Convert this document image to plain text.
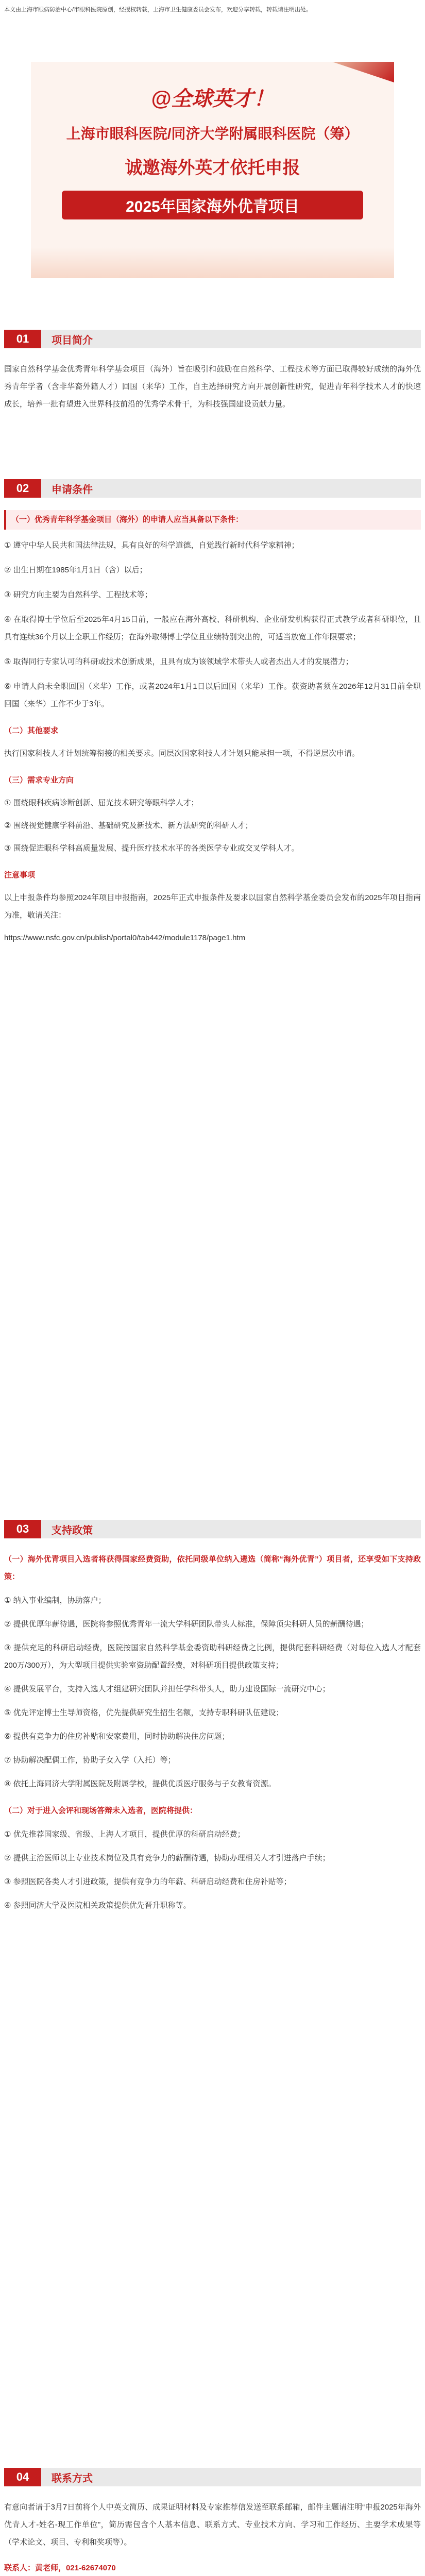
本文由上海市眼病防治中心/市眼科医院原创，经授权转载，上海市卫生健康委员会发布，欢迎分享转载，转载请注明出处。
@全球英才！
上海市眼科医院/同济大学附属眼科医院（筹）
诚邀海外英才依托申报
2025年国家海外优青项目
01	项目简介
国家自然科学基金优秀青年科学基金项目（海外）旨在吸引和鼓励在自然科学、工程技术等方面已取得较好成绩的海外优秀青年学者（含非华裔外籍人才）回国（来华）工作，自主选择研究方向开展创新性研究，促进青年科学技术人才的快速成长，培养一批有望进入世界科技前沿的优秀学术骨干，为科技强国建设贡献力量。
02	申请条件

（一）优秀青年科学基金项目（海外）的申请人应当具备以下条件：

① 遵守中华人民共和国法律法规，具有良好的科学道德，自觉践行新时代科学家精神；

② 出生日期在1985年1月1日（含）以后；

③ 研究方向主要为自然科学、工程技术等；

④ 在取得博士学位后至2025年4月15日前，一般应在海外高校、科研机构、企业研发机构获得正式教学或者科研职位，且具有连续36个月以上全职工作经历；在海外取得博士学位且业绩特别突出的，可适当放宽工作年限要求；

⑤ 取得同行专家认可的科研或技术创新成果，且具有成为该领域学术带头人或者杰出人才的发展潜力；

⑥ 申请人尚未全职回国（来华）工作，或者2024年1月1日以后回国（来华）工作。获资助者须在2026年12月31日前全职回国（来华）工作不少于3年。

（二）其他要求

执行国家科技人才计划统筹衔接的相关要求。同层次国家科技人才计划只能承担一项，不得逆层次申请。

（三）需求专业方向

① 围绕眼科疾病诊断创新、屈光技术研究等眼科学人才；

② 围绕视觉健康学科前沿、基础研究及新技术、新方法研究的科研人才；

③ 围绕促进眼科学科高质量发展、提升医疗技术水平的各类医学专业或交叉学科人才。

注意事项

以上申报条件均参照2024年项目申报指南，2025年正式申报条件及要求以国家自然科学基金委员会发布的2025年项目指南为准，敬请关注：

https://www.nsfc.gov.cn/publish/portal0/tab442/module1178/page1.htm

03	支持政策

（一）海外优青项目入选者将获得国家经费资助，依托同级单位纳入遴选（简称“海外优青”）项目者，还享受如下支持政策：

① 纳入事业编制，协助落户；

② 提供优厚年薪待遇，医院将参照优秀青年一流大学科研团队带头人标准，保障顶尖科研人员的薪酬待遇；

③ 提供充足的科研启动经费，医院按国家自然科学基金委资助科研经费之比例，提供配套科研经费（对每位入选人才配套200万/300万），为大型项目提供实验室资助配置经费，对科研项目提供政策支持；

④ 提供发展平台，支持入选人才组建研究团队并担任学科带头人，助力建设国际一流研究中心；

⑤ 优先评定博士生导师资格，优先提供研究生招生名额，支持专职科研队伍建设；

⑥ 提供有竞争力的住房补贴和安家费用，同时协助解决住房问题；

⑦ 协助解决配偶工作，协助子女入学（入托）等；

⑧ 依托上海同济大学附属医院及附属学校，提供优质医疗服务与子女教育资源。

（二）对于进入会评和现场答辩未入选者，医院将提供：

① 优先推荐国家级、省级、上海人才项目，提供优厚的科研启动经费；

② 提供主治医师以上专业技术岗位及具有竞争力的薪酬待遇，协助办理相关人才引进落户手续；

③ 参照医院各类人才引进政策，提供有竞争力的年薪、科研启动经费和住房补贴等；

④ 参照同济大学及医院相关政策提供优先晋升职称等。

04	联系方式

有意向者请于3月7日前将个人中英文简历、成果证明材料及专家推荐信发送至联系邮箱，邮件主题请注明“申报2025年海外优青人才-姓名-现工作单位”，简历需包含个人基本信息、联系方式、专业技术方向、学习和工作经历、主要学术成果等（学术论文、项目、专利和奖项等）。

联系人：黄老师，021-62674070
